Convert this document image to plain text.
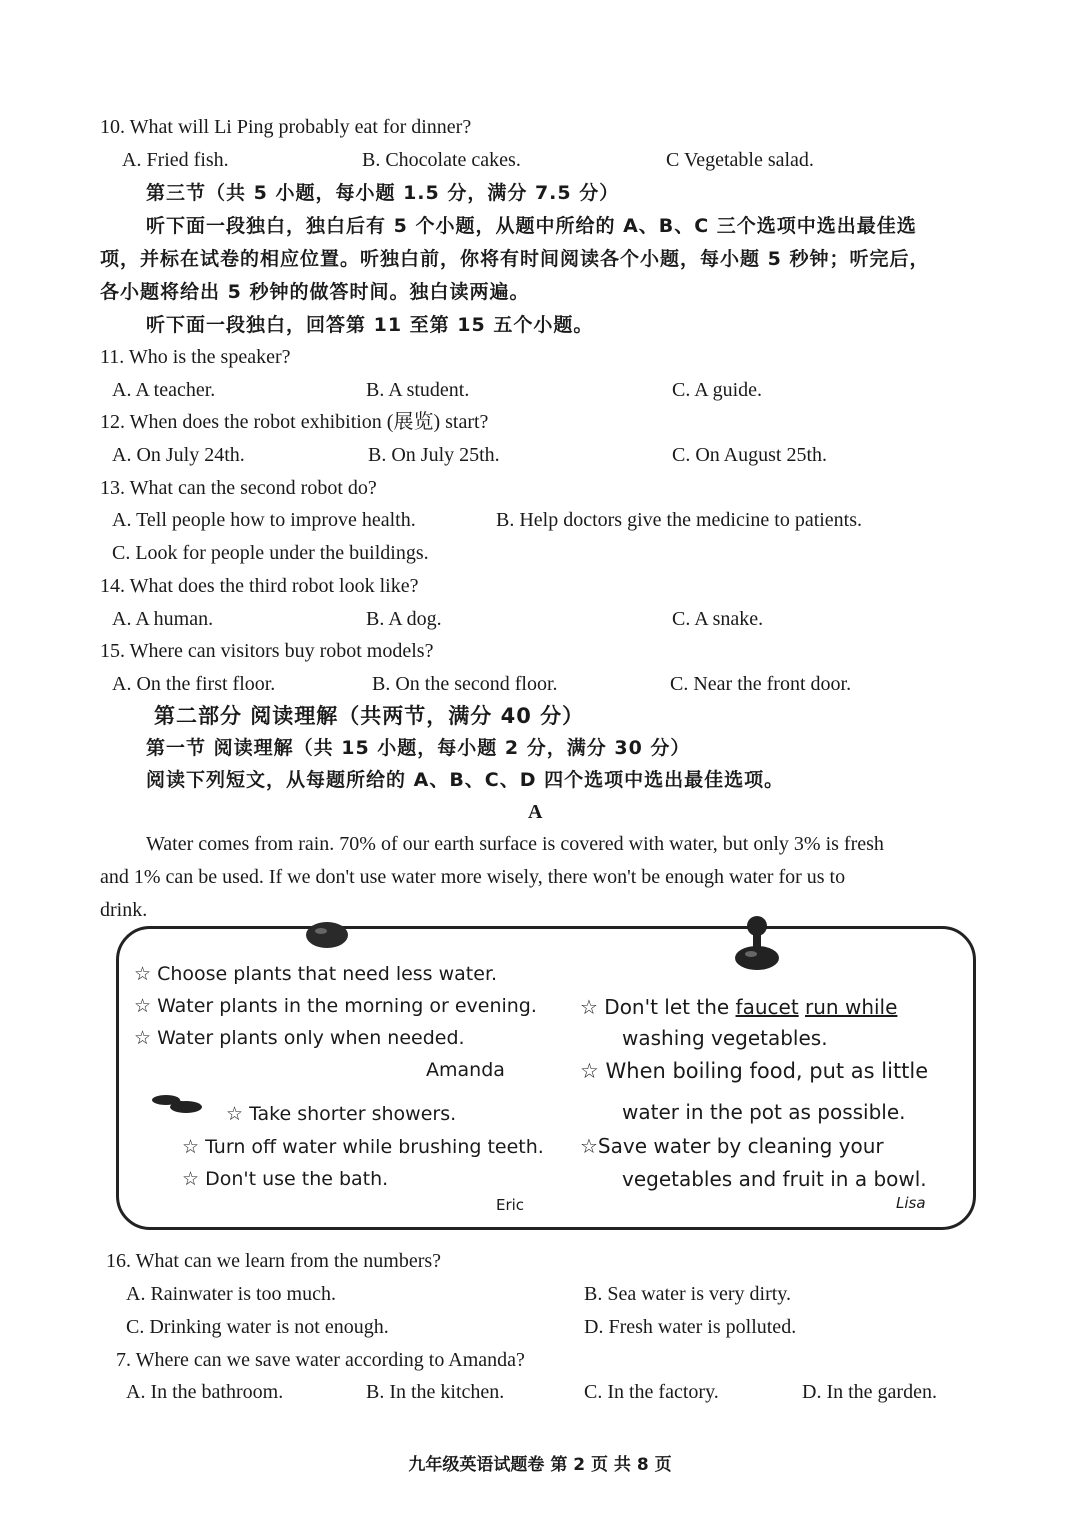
10. What will Li Ping probably eat for dinner?
A. Fried fish.	B. Chocolate cakes.	C Vegetable salad.
第三节（共 5 小题，每小题 1.5 分，满分 7.5 分）
听下面一段独白，独白后有 5 个小题，从题中所给的 A、B、C 三个选项中选出最佳选
项，并标在试卷的相应位置。听独白前，你将有时间阅读各个小题，每小题 5 秒钟；听完后，
各小题将给出 5 秒钟的做答时间。独白读两遍。
听下面一段独白，回答第 11 至第 15 五个小题。
11. Who is the speaker?
A. A teacher.	B. A student.	C. A guide.
12. When does the robot exhibition (展览) start?
A. On July 24th.	B. On July 25th.	C. On August 25th.
13. What can the second robot do?
A. Tell people how to improve health.	B. Help doctors give the medicine to patients.
C. Look for people under the buildings.
14. What does the third robot look like?
A. A human.	B. A dog.	C. A snake.
15. Where can visitors buy robot models?
A. On the first floor.	B. On the second floor.	C. Near the front door.
第二部分 阅读理解（共两节，满分 40 分）
第一节 阅读理解（共 15 小题，每小题 2 分，满分 30 分）
阅读下列短文，从每题所给的 A、B、C、D 四个选项中选出最佳选项。
A
Water comes from rain. 70% of our earth surface is covered with water, but only 3% is fresh
and 1% can be used. If we don't use water more wisely, there won't be enough water for us to
drink.
☆ Choose plants that need less water.
☆ Water plants in the morning or evening.
☆ Water plants only when needed.
Amanda
☆ Take shorter showers.
☆ Turn off water while brushing teeth.
☆ Don't use the bath.
Eric
☆ Don't let the faucet run while
washing vegetables.
☆ When boiling food, put as little
water in the pot as possible.
☆Save water by cleaning your
vegetables and fruit in a bowl.
Lisa
16. What can we learn from the numbers?
A. Rainwater is too much.	B. Sea water is very dirty.
C. Drinking water is not enough.	D. Fresh water is polluted.
7. Where can we save water according to Amanda?
A. In the bathroom.	B. In the kitchen.	C. In the factory.	D. In the garden.
九年级英语试题卷 第 2 页 共 8 页
